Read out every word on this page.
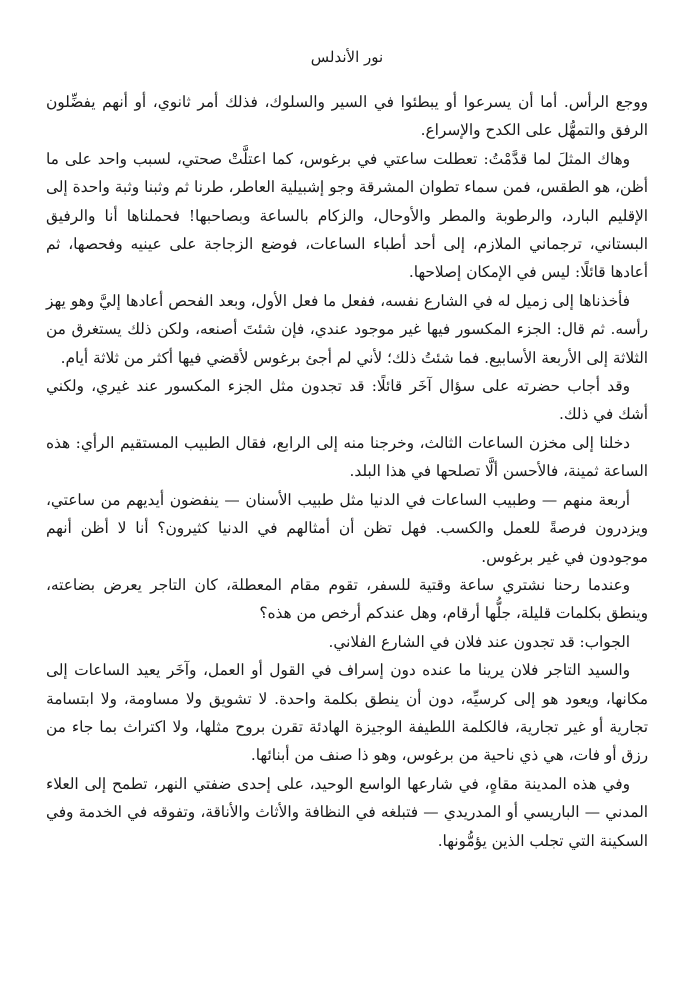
نور الأندلس

ووجع الرأس. أما أن يسرعوا أو يبطئوا في السير والسلوك، فذلك أمر ثانوي، أو أنهم يفضِّلون الرفق والتمهُّل على الكدح والإسراع.

وهاك المثلَ لما قدَّمْتُ: تعطلت ساعتي في برغوس، كما اعتلَّتْ صحتي، لسبب واحد على ما أظن، هو الطقس، فمن سماء تطوان المشرقة وجو إشبيلية العاطر، طرنا ثم وثبنا وثبة واحدة إلى الإقليم البارد، والرطوبة والمطر والأوحال، والزكام بالساعة وبصاحبها! فحملناها أنا والرفيق البستاني، ترجماني الملازم، إلى أحد أطباء الساعات، فوضع الزجاجة على عينيه وفحصها، ثم أعادها قائلًا: ليس في الإمكان إصلاحها.

فأخذناها إلى زميل له في الشارع نفسه، ففعل ما فعل الأول، وبعد الفحص أعادها إليَّ وهو يهز رأسه. ثم قال: الجزء المكسور فيها غير موجود عندي، فإن شئتَ أصنعه، ولكن ذلك يستغرق من الثلاثة إلى الأربعة الأسابيع. فما شئتُ ذلك؛ لأني لم أجئ برغوس لأقضي فيها أكثر من ثلاثة أيام.

وقد أجاب حضرته على سؤال آخَر قائلًا: قد تجدون مثل الجزء المكسور عند غيري، ولكني أشك في ذلك.

دخلنا إلى مخزن الساعات الثالث، وخرجنا منه إلى الرابع، فقال الطبيب المستقيم الرأي: هذه الساعة ثمينة، فالأحسن ألَّا تصلحها في هذا البلد.

أربعة منهم — وطبيب الساعات في الدنيا مثل طبيب الأسنان — ينفضون أيديهم من ساعتي، ويزدرون فرصةً للعمل والكسب. فهل تظن أن أمثالهم في الدنيا كثيرون؟ أنا لا أظن أنهم موجودون في غير برغوس.

وعندما رحنا نشتري ساعة وقتية للسفر، تقوم مقام المعطلة، كان التاجر يعرض بضاعته، وينطق بكلمات قليلة، جلُّها أرقام، وهل عندكم أرخص من هذه؟

الجواب: قد تجدون عند فلان في الشارع الفلاني.

والسيد التاجر فلان يرينا ما عنده دون إسراف في القول أو العمل، وآخَر يعيد الساعات إلى مكانها، ويعود هو إلى كرسيِّه، دون أن ينطق بكلمة واحدة. لا تشويق ولا مساومة، ولا ابتسامة تجارية أو غير تجارية، فالكلمة اللطيفة الوجيزة الهادئة تقرن بروح مثلها، ولا اكتراث بما جاء من رزق أو فات، هي ذي ناحية من برغوس، وهو ذا صنف من أبنائها.

وفي هذه المدينة مقاهٍ، في شارعها الواسع الوحيد، على إحدى ضفتي النهر، تطمح إلى العلاء المدني — الباريسي أو المدريدي — فتبلغه في النظافة والأثاث والأناقة، وتفوقه في الخدمة وفي السكينة التي تجلب الذين يؤمُّونها.
